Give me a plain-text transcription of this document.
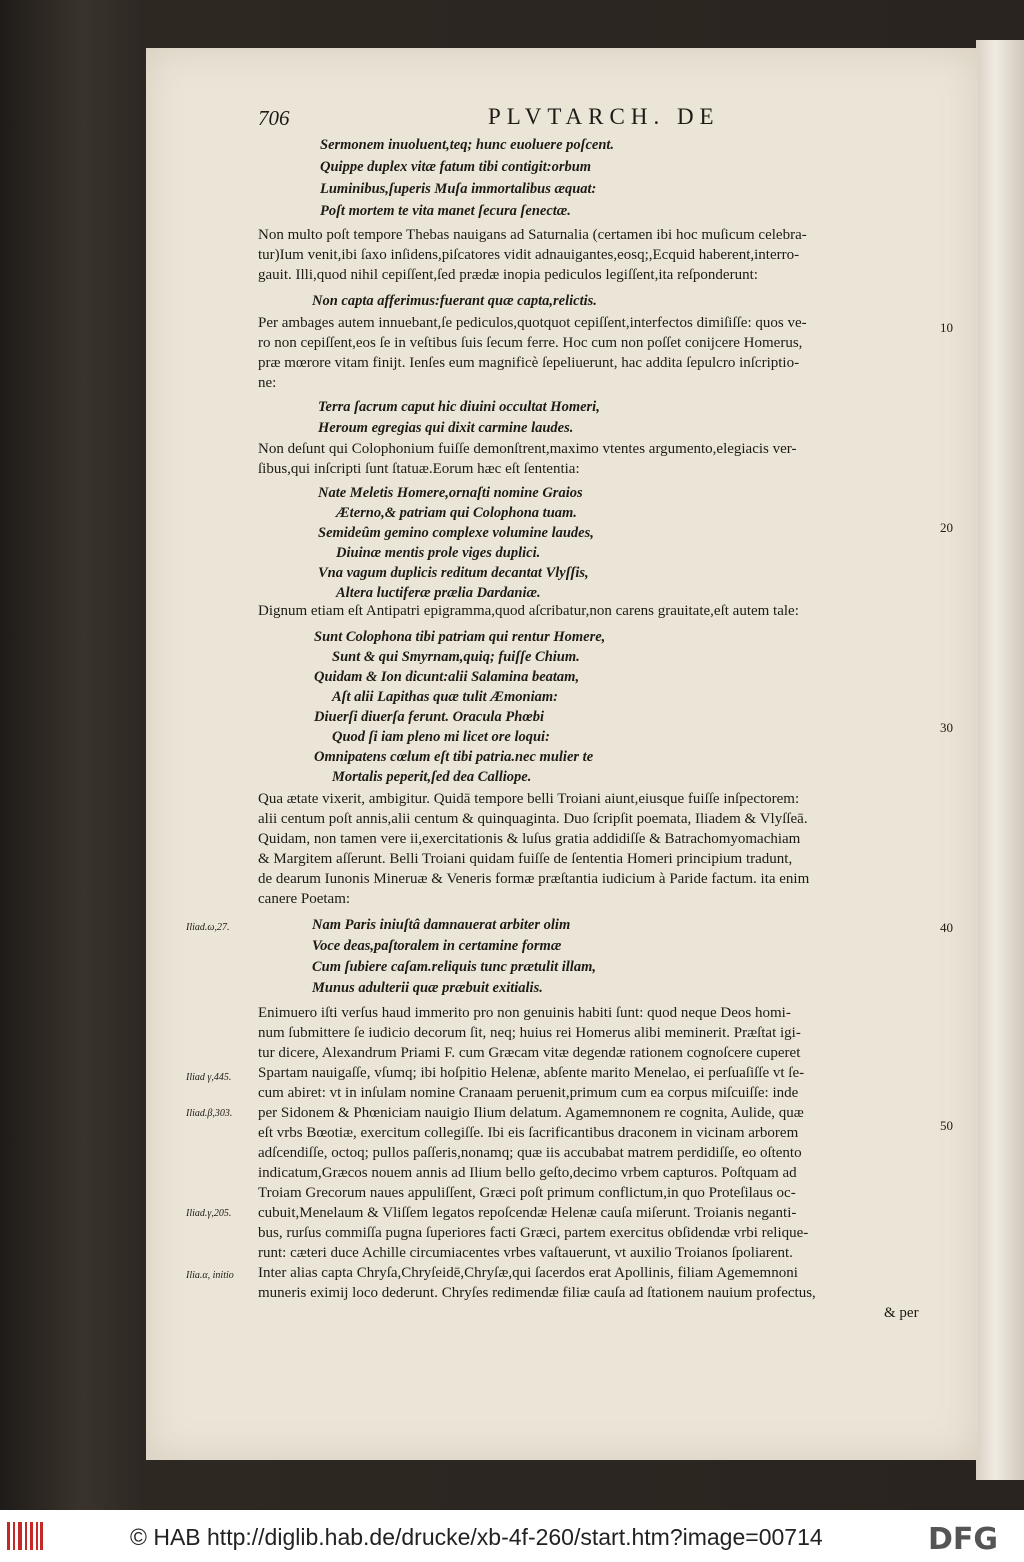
706	PLVTARCH. DE
Sermonem inuoluent,teq; hunc euoluere poſcent.
Quippe duplex vitæ fatum tibi contigit:orbum
Luminibus,ſuperis Muſa immortalibus æquat:
Poſt mortem te vita manet ſecura ſenectæ.
Non multo poſt tempore Thebas nauigans ad Saturnalia (certamen ibi hoc muſicum celebra-
tur)Ium venit,ibi ſaxo inſidens,piſcatores vidit adnauigantes,eosq;,Ecquid haberent,interro-
gauit. Illi,quod nihil cepiſſent,ſed prædæ inopia pediculos legiſſent,ita reſponderunt:
Non capta afferimus:fuerant quæ capta,relictis.
Per ambages autem innuebant,ſe pediculos,quotquot cepiſſent,interfectos dimiſiſſe: quos ve-
ro non cepiſſent,eos ſe in veſtibus ſuis ſecum ferre. Hoc cum non poſſet conijcere Homerus,
præ mœrore vitam finijt. Ienſes eum magnificè ſepeliuerunt, hac addita ſepulcro inſcriptio-
ne:
10
Terra ſacrum caput hic diuini occultat Homeri,
Heroum egregias qui dixit carmine laudes.
Non deſunt qui Colophonium fuiſſe demonſtrent,maximo vtentes argumento,elegiacis ver-
ſibus,qui inſcripti ſunt ſtatuæ.Eorum hæc eſt ſententia:
Nate Meletis Homere,ornaſti nomine Graios
Æterno,& patriam qui Colophona tuam.
Semideûm gemino complexe volumine laudes,
Diuinæ mentis prole viges duplici.
Vna vagum duplicis reditum decantat Vlyſſis,
Altera luctiferæ prælia Dardaniæ.
20
Dignum etiam eſt Antipatri epigramma,quod aſcribatur,non carens grauitate,eſt autem tale:
Sunt Colophona tibi patriam qui rentur Homere,
Sunt & qui Smyrnam,quiq; fuiſſe Chium.
Quidam & Ion dicunt:alii Salamina beatam,
Aſt alii Lapithas quæ tulit Æmoniam:
Diuerſi diuerſa ferunt. Oracula Phœbi
Quod ſi iam pleno mi licet ore loqui:
Omnipatens cœlum eſt tibi patria.nec mulier te
Mortalis peperit,ſed dea Calliope.
30
Qua ætate vixerit, ambigitur. Quidā tempore belli Troiani aiunt,eiusque fuiſſe inſpectorem:
alii centum poſt annis,alii centum & quinquaginta. Duo ſcripſit poemata, Iliadem & Vlyſſeā.
Quidam, non tamen vere ii,exercitationis & luſus gratia addidiſſe & Batrachomyomachiam
& Margitem aſſerunt. Belli Troiani quidam fuiſſe de ſententia Homeri principium tradunt,
de dearum Iunonis Mineruæ & Veneris formæ præſtantia iudicium à Paride factum. ita enim
canere Poetam:
Iliad.ω,27.	Nam Paris iniuſtâ damnauerat arbiter olim
Voce deas,paſtoralem in certamine formæ
Cum ſubiere caſam.reliquis tunc prætulit illam,
Munus adulterii quæ præbuit exitialis.
40
Enimuero iſti verſus haud immerito pro non genuinis habiti ſunt: quod neque Deos homi-
num ſubmittere ſe iudicio decorum ſit, neq; huius rei Homerus alibi meminerit. Præſtat igi-
tur dicere, Alexandrum Priami F. cum Græcam vitæ degendæ rationem cognoſcere cuperet
Iliad γ,445. Spartam nauigaſſe, vſumq; ibi hoſpitio Helenæ, abſente marito Menelao, ei perſuaſiſſe vt ſe-
cum abiret: vt in inſulam nomine Cranaam peruenit,primum cum ea corpus miſcuiſſe: inde
Iliad.β,303. per Sidonem & Phœniciam nauigio Ilium delatum. Agamemnonem re cognita, Aulide, quæ
eſt vrbs Bœotiæ, exercitum collegiſſe. Ibi eis ſacrificantibus draconem in vicinam arborem	50
adſcendiſſe, octoq; pullos paſſeris,nonamq; quæ iis accubabat matrem perdidiſſe, eo oſtento
indicatum,Græcos nouem annis ad Ilium bello geſto,decimo vrbem capturos. Poſtquam ad
Troiam Grecorum naues appuliſſent, Græci poſt primum conflictum,in quo Proteſilaus oc-
Iliad.γ,205. cubuit,Menelaum & Vliſſem legatos repoſcendæ Helenæ cauſa miſerunt. Troianis neganti-
bus, rurſus commiſſa pugna ſuperiores facti Græci, partem exercitus obſidendæ vrbi relique-
runt: cæteri duce Achille circumiacentes vrbes vaſtauerunt, vt auxilio Troianos ſpoliarent.
Ilia.α, initio Inter alias capta Chryſa,Chryſeidē,Chryſæ,qui ſacerdos erat Apollinis, filiam Agememnoni
muneris eximij loco dederunt. Chryſes redimendæ filiæ cauſa ad ſtationem nauium profectus,
& per
© HAB http://diglib.hab.de/drucke/xb-4f-260/start.htm?image=00714	DFG
